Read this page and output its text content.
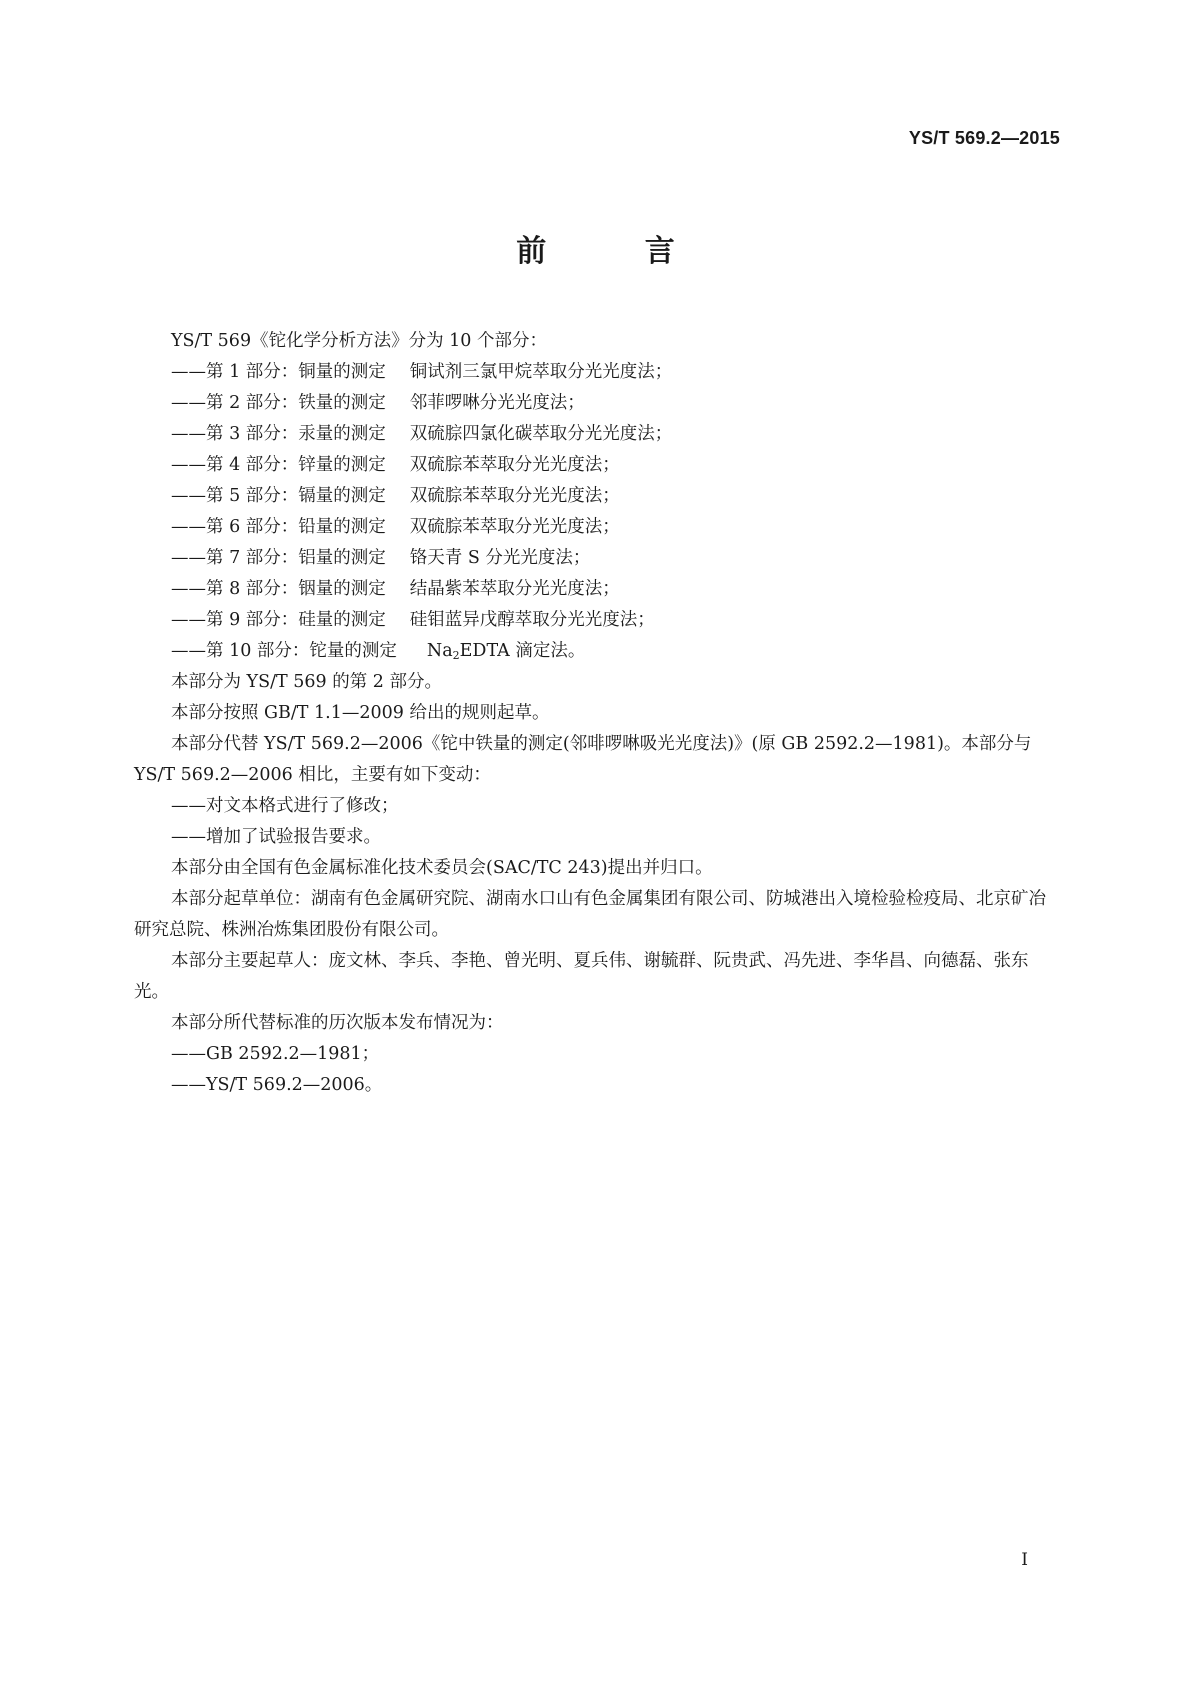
YS/T 569.2—2015
前 言

YS/T 569《铊化学分析方法》分为 10 个部分：

——第 1 部分：铜量的测定 铜试剂三氯甲烷萃取分光光度法；

——第 2 部分：铁量的测定 邻菲啰啉分光光度法；

——第 3 部分：汞量的测定 双硫腙四氯化碳萃取分光光度法；

——第 4 部分：锌量的测定 双硫腙苯萃取分光光度法；

——第 5 部分：镉量的测定 双硫腙苯萃取分光光度法；

——第 6 部分：铅量的测定 双硫腙苯萃取分光光度法；

——第 7 部分：铝量的测定 铬天青 S 分光光度法；

——第 8 部分：铟量的测定 结晶紫苯萃取分光光度法；

——第 9 部分：硅量的测定 硅钼蓝异戊醇萃取分光光度法；

——第 10 部分：铊量的测定 $Na_2EDTA$ 滴定法。

本部分为 YS/T 569 的第 2 部分。

本部分按照 GB/T 1.1—2009 给出的规则起草。

本部分代替 YS/T 569.2—2006《铊中铁量的测定(邻啡啰啉吸光光度法)》(原 GB 2592.2—1981)。本部分与 YS/T 569.2—2006 相比，主要有如下变动：

——对文本格式进行了修改；

——增加了试验报告要求。

本部分由全国有色金属标准化技术委员会(SAC/TC 243)提出并归口。

本部分起草单位：湖南有色金属研究院、湖南水口山有色金属集团有限公司、防城港出入境检验检疫局、北京矿冶研究总院、株洲冶炼集团股份有限公司。

本部分主要起草人：庞文林、李兵、李艳、曾光明、夏兵伟、谢毓群、阮贵武、冯先进、李华昌、向德磊、张东光。

本部分所代替标准的历次版本发布情况为：

——GB 2592.2—1981；

——YS/T 569.2—2006。

I
